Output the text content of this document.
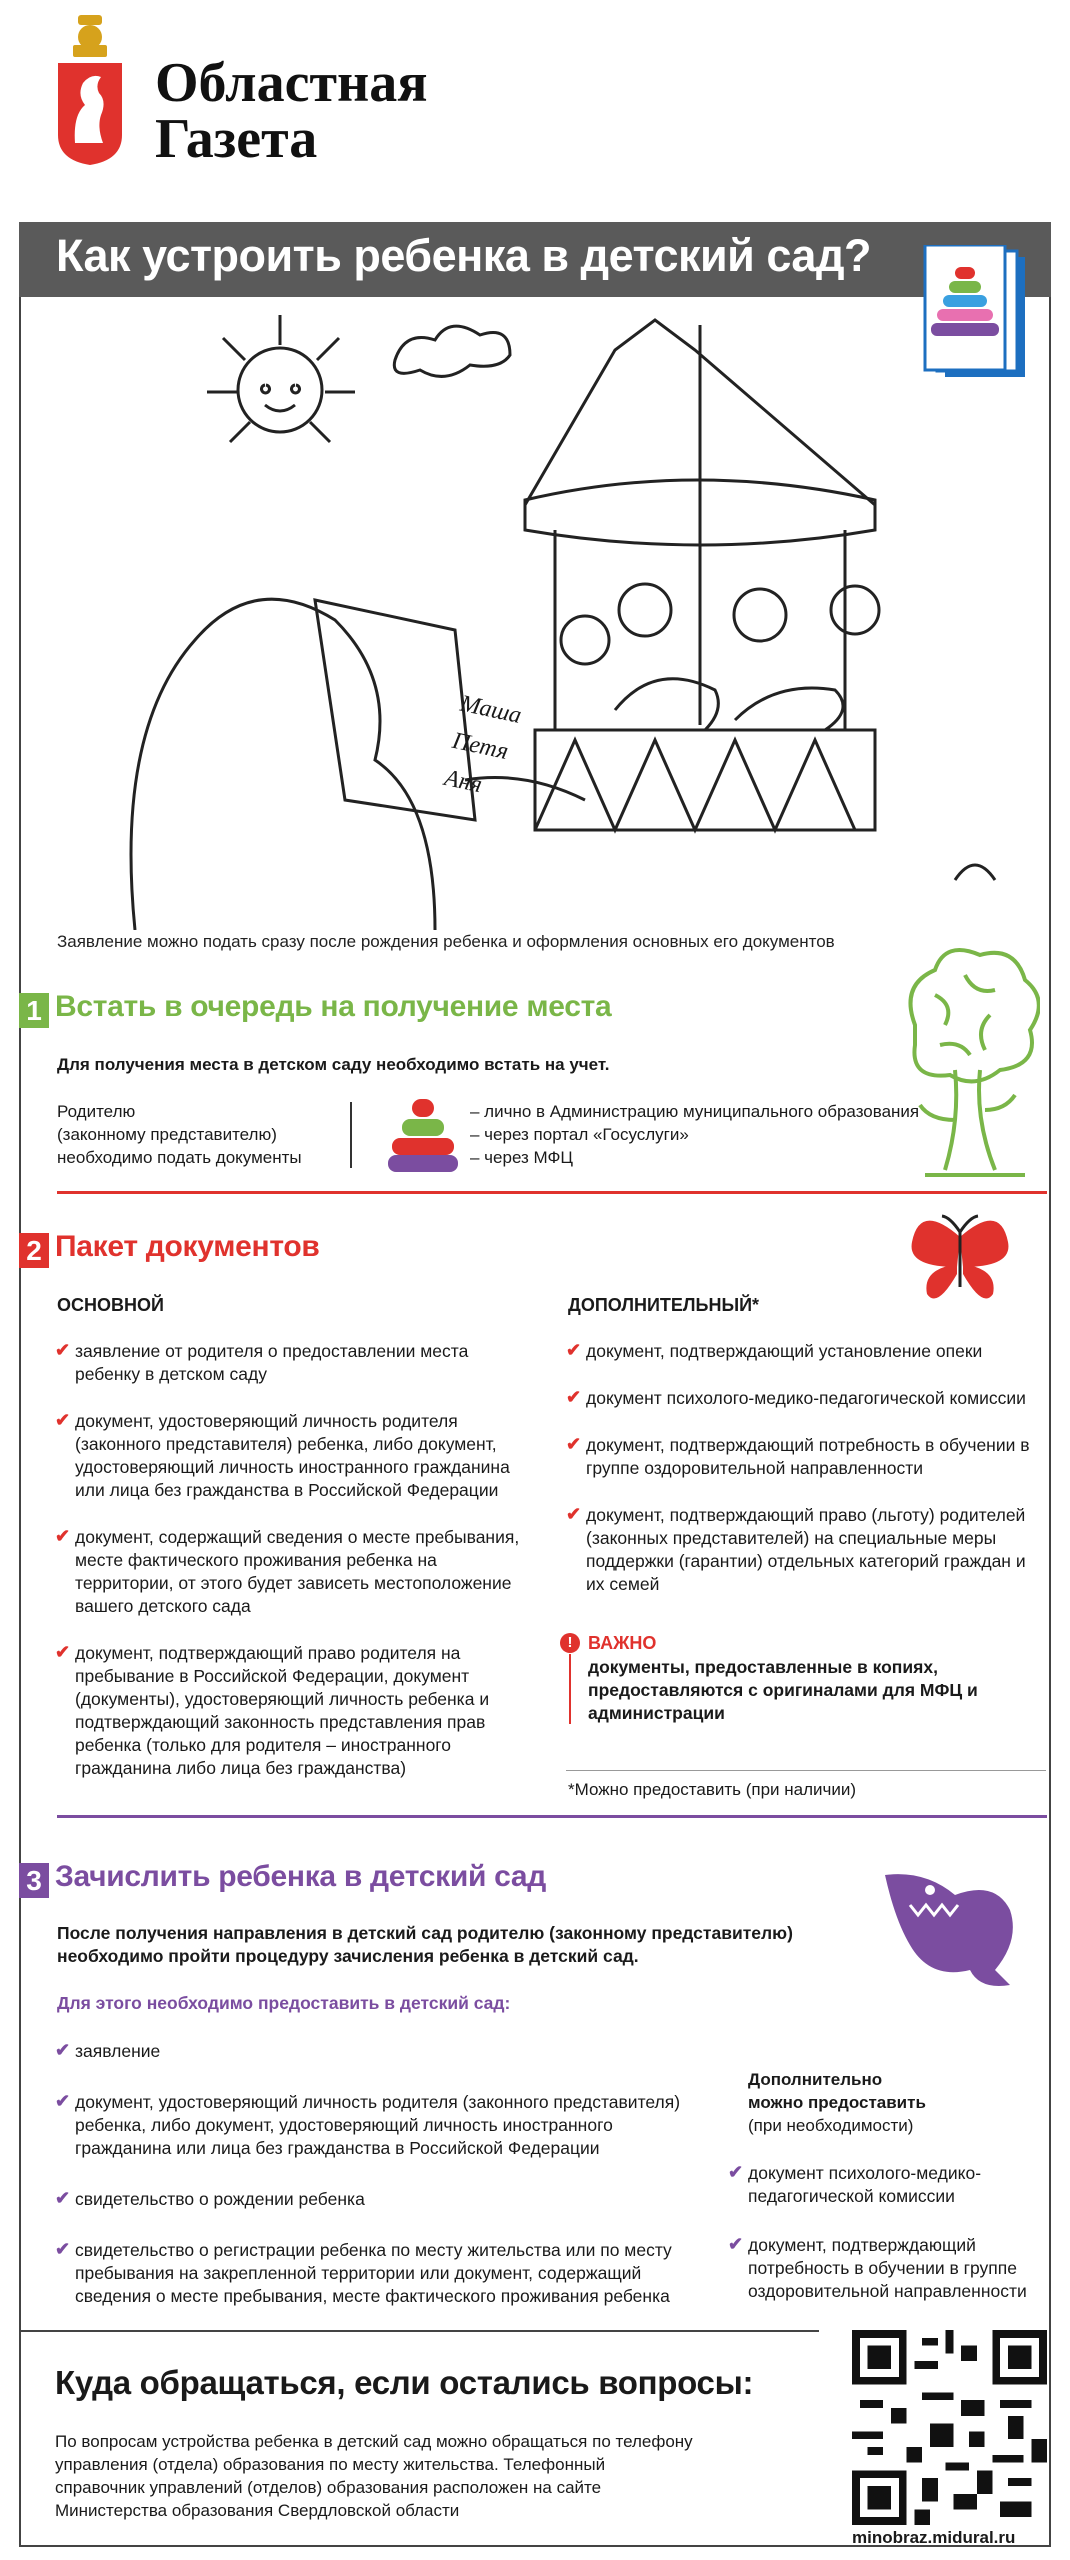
Областная
Газета
Как устроить ребенка в детский сад?
Маша
Петя
Аня
Заявление можно подать сразу после рождения ребенка и оформления основных его документов
1 Встать в очередь на получение места
Для получения места в детском саду необходимо встать на учет.
Родителю
(законному представителю)
необходимо подать документы
– лично в Администрацию муниципального образования
– через портал «Госуслуги»
– через МФЦ
2 Пакет документов
ОСНОВНОЙ	ДОПОЛНИТЕЛЬНЫЙ*
✔ заявление от родителя о предоставлении места ребенку в детском саду
✔ документ, удостоверяющий личность родителя (законного представителя) ребенка, либо документ, удостоверяющий личность иностранного гражданина или лица без гражданства в Российской Федерации
✔ документ, содержащий сведения о месте пребывания, месте фактического проживания ребенка на территории, от этого будет зависеть местоположение вашего детского сада
✔ документ, подтверждающий право родителя на пребывание в Российской Федерации, документ (документы), удостоверяющий личность ребенка и подтверждающий законность представления прав ребенка (только для родителя – иностранного гражданина либо лица без гражданства)
✔ документ, подтверждающий установление опеки
✔ документ психолого-медико-педагогической комиссии
✔ документ, подтверждающий потребность в обучении в группе оздоровительной направленности
✔ документ, подтверждающий право (льготу) родителей (законных представителей) на специальные меры поддержки (гарантии) отдельных категорий граждан и их семей
! ВАЖНО
документы, предоставленные в копиях, предоставляются с оригиналами для МФЦ и администрации
*Можно предоставить (при наличии)
3 Зачислить ребенка в детский сад
После получения направления в детский сад родителю (законному представителю) необходимо пройти процедуру зачисления ребенка в детский сад.
Для этого необходимо предоставить в детский сад:
✔ заявление
✔ документ, удостоверяющий личность родителя (законного представителя) ребенка, либо документ, удостоверяющий личность иностранного гражданина или лица без гражданства в Российской Федерации
✔ свидетельство о рождении ребенка
✔ свидетельство о регистрации ребенка по месту жительства или по месту пребывания на закрепленной территории или документ, содержащий сведения о месте пребывания, месте фактического проживания ребенка
Дополнительно
можно предоставить
(при необходимости)
✔ документ психолого-медико-педагогической комиссии
✔ документ, подтверждающий потребность в обучении в группе оздоровительной направленности
Куда обращаться, если остались вопросы:
По вопросам устройства ребенка в детский сад можно обращаться по телефону управления (отдела) образования по месту жительства. Телефонный справочник управлений (отделов) образования расположен на сайте Министерства образования Свердловской области
minobraz.midural.ru
